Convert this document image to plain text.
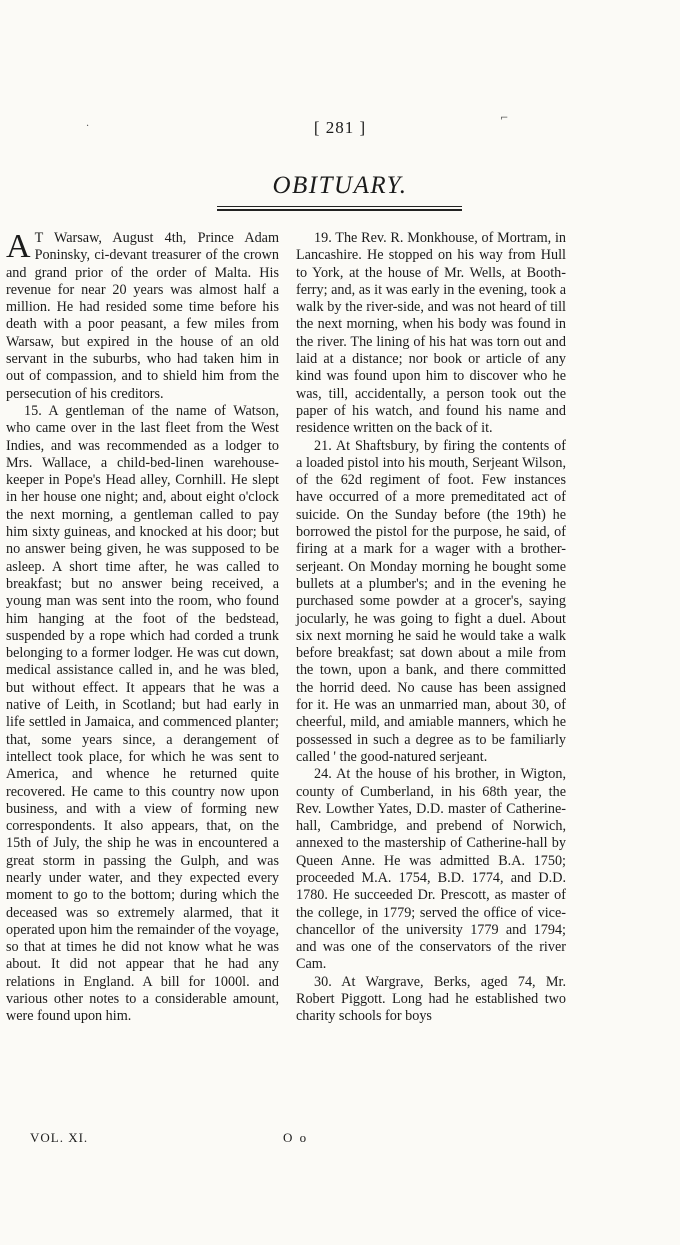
·
⌐
[ 281 ]
OBITUARY.

A T Warsaw, August 4th, Prince Adam Poninsky, ci-devant treasurer of the crown and grand prior of the order of Malta. His revenue for near 20 years was almost half a million. He had resided some time before his death with a poor peasant, a few miles from Warsaw, but expired in the house of an old servant in the suburbs, who had taken him in out of compassion, and to shield him from the persecution of his creditors.

15. A gentleman of the name of Watson, who came over in the last fleet from the West Indies, and was recommended as a lodger to Mrs. Wallace, a child-bed-linen warehouse-keeper in Pope's Head alley, Cornhill. He slept in her house one night; and, about eight o'clock the next morning, a gentleman called to pay him sixty guineas, and knocked at his door; but no answer being given, he was supposed to be asleep. A short time after, he was called to breakfast; but no answer being received, a young man was sent into the room, who found him hanging at the foot of the bedstead, suspended by a rope which had corded a trunk belonging to a former lodger. He was cut down, medical assistance called in, and he was bled, but without effect. It appears that he was a native of Leith, in Scotland; but had early in life settled in Jamaica, and commenced planter; that, some years since, a derangement of intellect took place, for which he was sent to America, and whence he returned quite recovered. He came to this country now upon business, and with a view of forming new correspondents. It also appears, that, on the 15th of July, the ship he was in encountered a great storm in passing the Gulph, and was nearly under water, and they expected every moment to go to the bottom; during which the deceased was so extremely alarmed, that it operated upon him the remainder of the voyage, so that at times he did not know what he was about. It did not appear that he had any relations in England. A bill for 1000l. and various other notes to a considerable amount, were found upon him.

19. The Rev. R. Monkhouse, of Mortram, in Lancashire. He stopped on his way from Hull to York, at the house of Mr. Wells, at Booth-ferry; and, as it was early in the evening, took a walk by the river-side, and was not heard of till the next morning, when his body was found in the river. The lining of his hat was torn out and laid at a distance; nor book or article of any kind was found upon him to discover who he was, till, accidentally, a person took out the paper of his watch, and found his name and residence written on the back of it.

21. At Shaftsbury, by firing the contents of a loaded pistol into his mouth, Serjeant Wilson, of the 62d regiment of foot. Few instances have occurred of a more premeditated act of suicide. On the Sunday before (the 19th) he borrowed the pistol for the purpose, he said, of firing at a mark for a wager with a brother-serjeant. On Monday morning he bought some bullets at a plumber's; and in the evening he purchased some powder at a grocer's, saying jocularly, he was going to fight a duel. About six next morning he said he would take a walk before breakfast; sat down about a mile from the town, upon a bank, and there committed the horrid deed. No cause has been assigned for it. He was an unmarried man, about 30, of cheerful, mild, and amiable manners, which he possessed in such a degree as to be familiarly called ' the good-natured serjeant.

24. At the house of his brother, in Wigton, county of Cumberland, in his 68th year, the Rev. Lowther Yates, D.D. master of Catherine-hall, Cambridge, and prebend of Norwich, annexed to the mastership of Catherine-hall by Queen Anne. He was admitted B.A. 1750; proceeded M.A. 1754, B.D. 1774, and D.D. 1780. He succeeded Dr. Prescott, as master of the college, in 1779; served the office of vice-chancellor of the university 1779 and 1794; and was one of the conservators of the river Cam.

30. At Wargrave, Berks, aged 74, Mr. Robert Piggott. Long had he established two charity schools for boys

VOL. XI.	O o
